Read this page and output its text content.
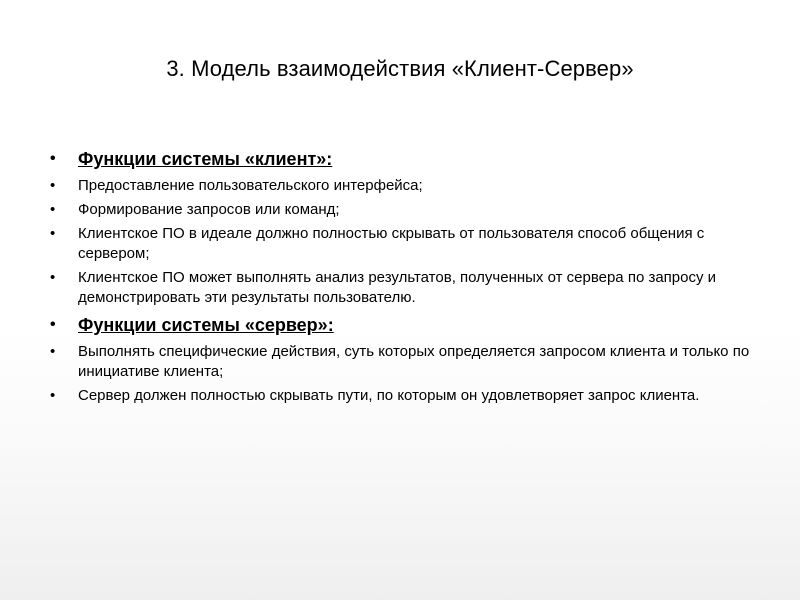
3. Модель взаимодействия «Клиент-Сервер»
•	Функции системы «клиент»:
•	Предоставление пользовательского интерфейса;
•	Формирование запросов или команд;
•	Клиентское ПО в идеале должно полностью скрывать от пользователя способ общения с сервером;
•	Клиентское ПО может выполнять анализ результатов, полученных от сервера по запросу и демонстрировать эти результаты пользователю.
•	Функции системы «сервер»:
•	Выполнять специфические действия, суть которых определяется запросом клиента и только по инициативе клиента;
•	Сервер должен полностью скрывать пути, по которым он удовлетворяет запрос клиента.
